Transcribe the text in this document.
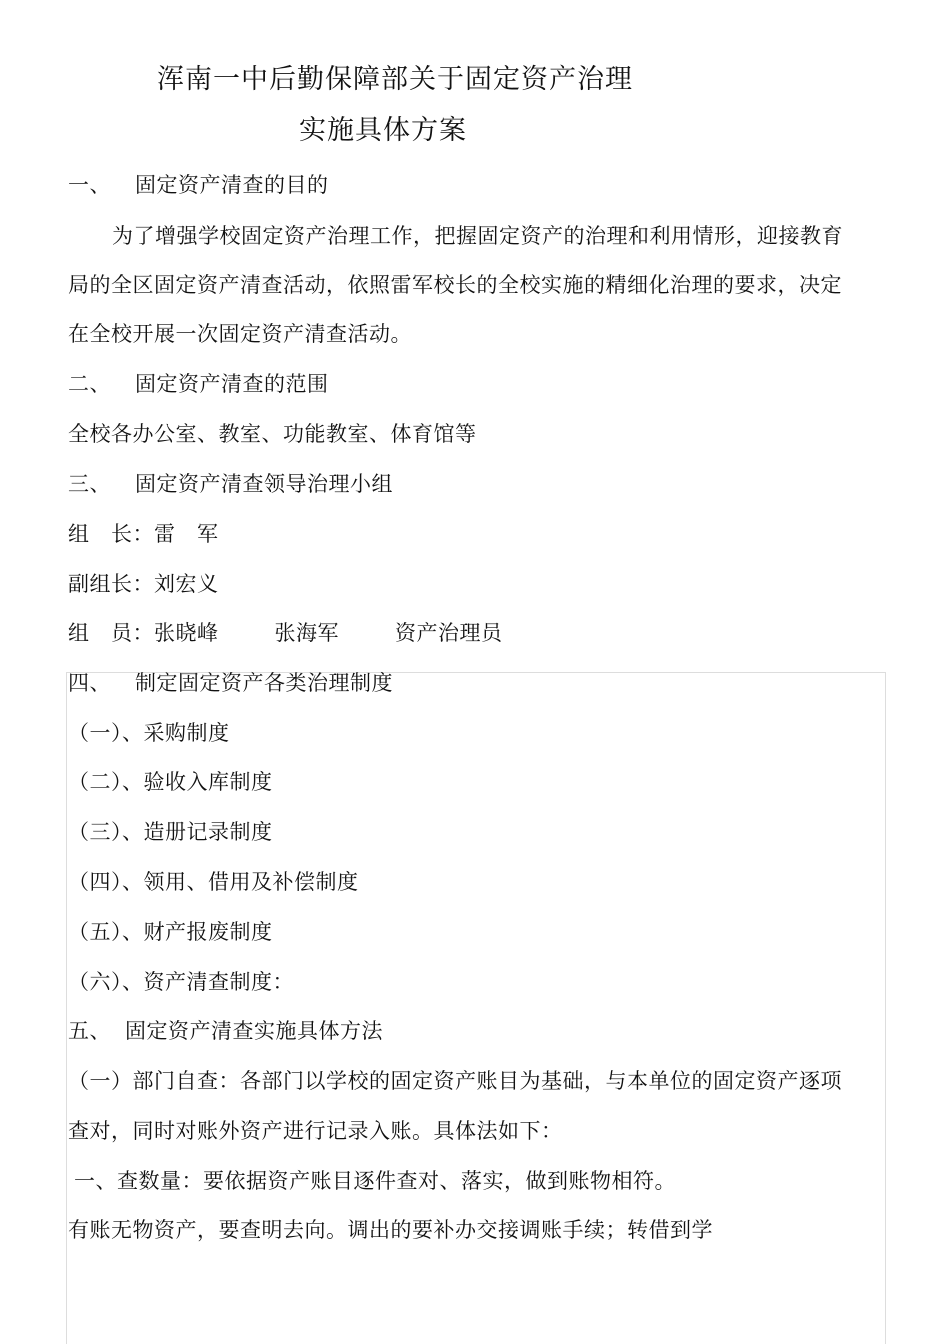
浑南一中后勤保障部关于固定资产治理
实施具体方案
一、 固定资产清查的目的
为了增强学校固定资产治理工作，把握固定资产的治理和利用情形，迎接教育
局的全区固定资产清查活动，依照雷军校长的全校实施的精细化治理的要求，决定
在全校开展一次固定资产清查活动。
二、 固定资产清查的范围
全校各办公室、教室、功能教室、体育馆等
三、 固定资产清查领导治理小组
组　长：雷　军
副组长：刘宏义
组　员：张晓峰	张海军	资产治理员
四、 制定固定资产各类治理制度
（一）、采购制度
（二）、验收入库制度
（三）、造册记录制度
（四）、领用、借用及补偿制度
（五）、财产报废制度
（六）、资产清查制度：
五、 固定资产清查实施具体方法
（一）部门自查：各部门以学校的固定资产账目为基础，与本单位的固定资产逐项
查对，同时对账外资产进行记录入账。具体法如下：
一、查数量：要依据资产账目逐件查对、落实，做到账物相符。
有账无物资产，要查明去向。调出的要补办交接调账手续；转借到学
